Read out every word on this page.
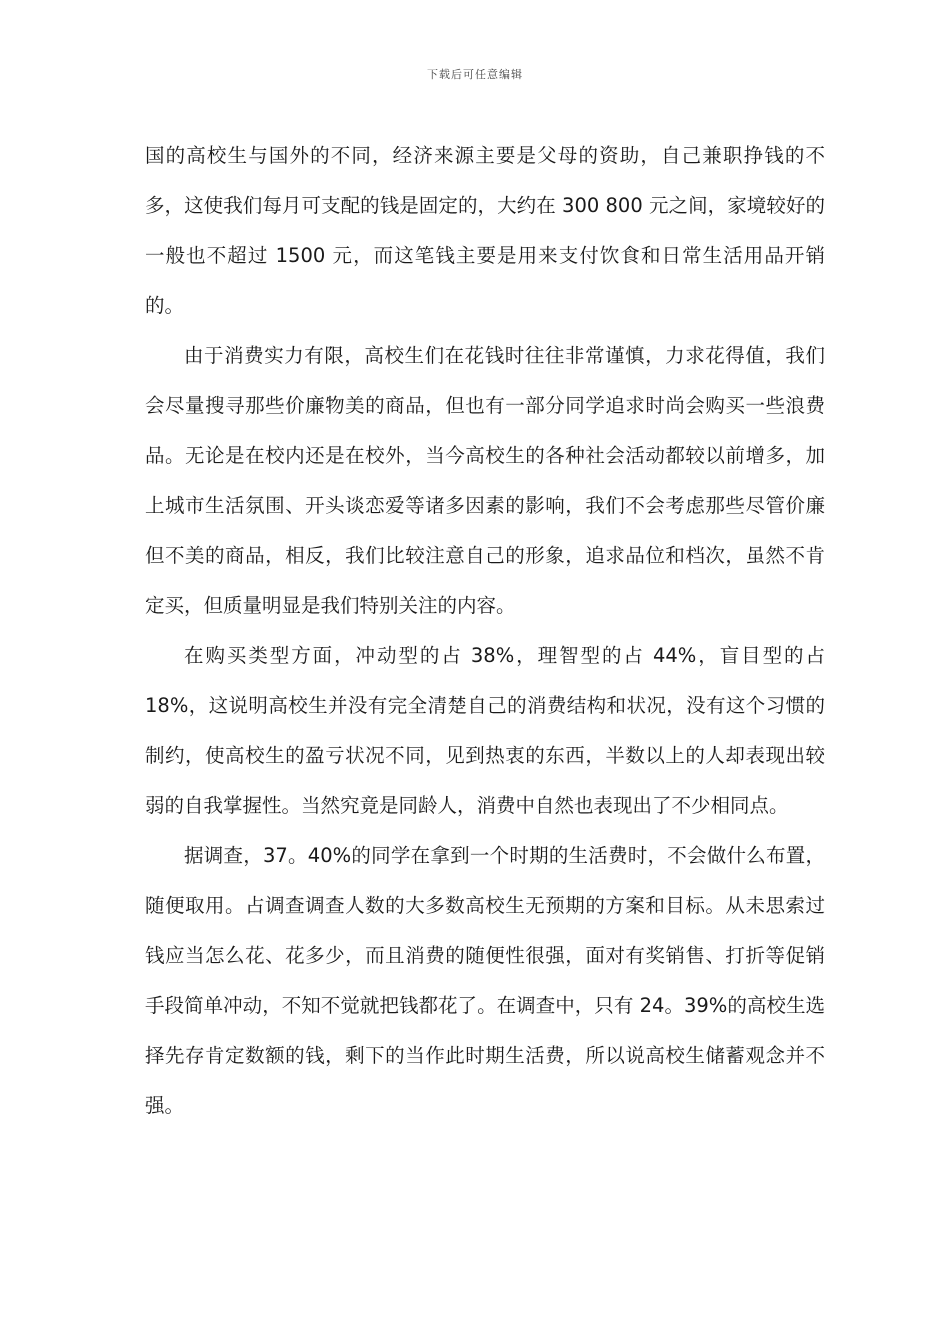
下载后可任意编辑

国的高校生与国外的不同，经济来源主要是父母的资助，自己兼职挣钱的不多，这使我们每月可支配的钱是固定的，大约在 300 800 元之间，家境较好的一般也不超过 1500 元，而这笔钱主要是用来支付饮食和日常生活用品开销的。

由于消费实力有限，高校生们在花钱时往往非常谨慎，力求花得值，我们会尽量搜寻那些价廉物美的商品，但也有一部分同学追求时尚会购买一些浪费品。无论是在校内还是在校外，当今高校生的各种社会活动都较以前增多，加上城市生活氛围、开头谈恋爱等诸多因素的影响，我们不会考虑那些尽管价廉但不美的商品，相反，我们比较注意自己的形象，追求品位和档次，虽然不肯定买，但质量明显是我们特别关注的内容。

在购买类型方面，冲动型的占 38%，理智型的占 44%，盲目型的占 18%，这说明高校生并没有完全清楚自己的消费结构和状况，没有这个习惯的制约，使高校生的盈亏状况不同，见到热衷的东西，半数以上的人却表现出较弱的自我掌握性。当然究竟是同龄人，消费中自然也表现出了不少相同点。

据调查，37。40%的同学在拿到一个时期的生活费时，不会做什么布置，随便取用。占调查调查人数的大多数高校生无预期的方案和目标。从未思索过钱应当怎么花、花多少，而且消费的随便性很强，面对有奖销售、打折等促销手段简单冲动，不知不觉就把钱都花了。在调查中，只有 24。39%的高校生选择先存肯定数额的钱，剩下的当作此时期生活费，所以说高校生储蓄观念并不强。
